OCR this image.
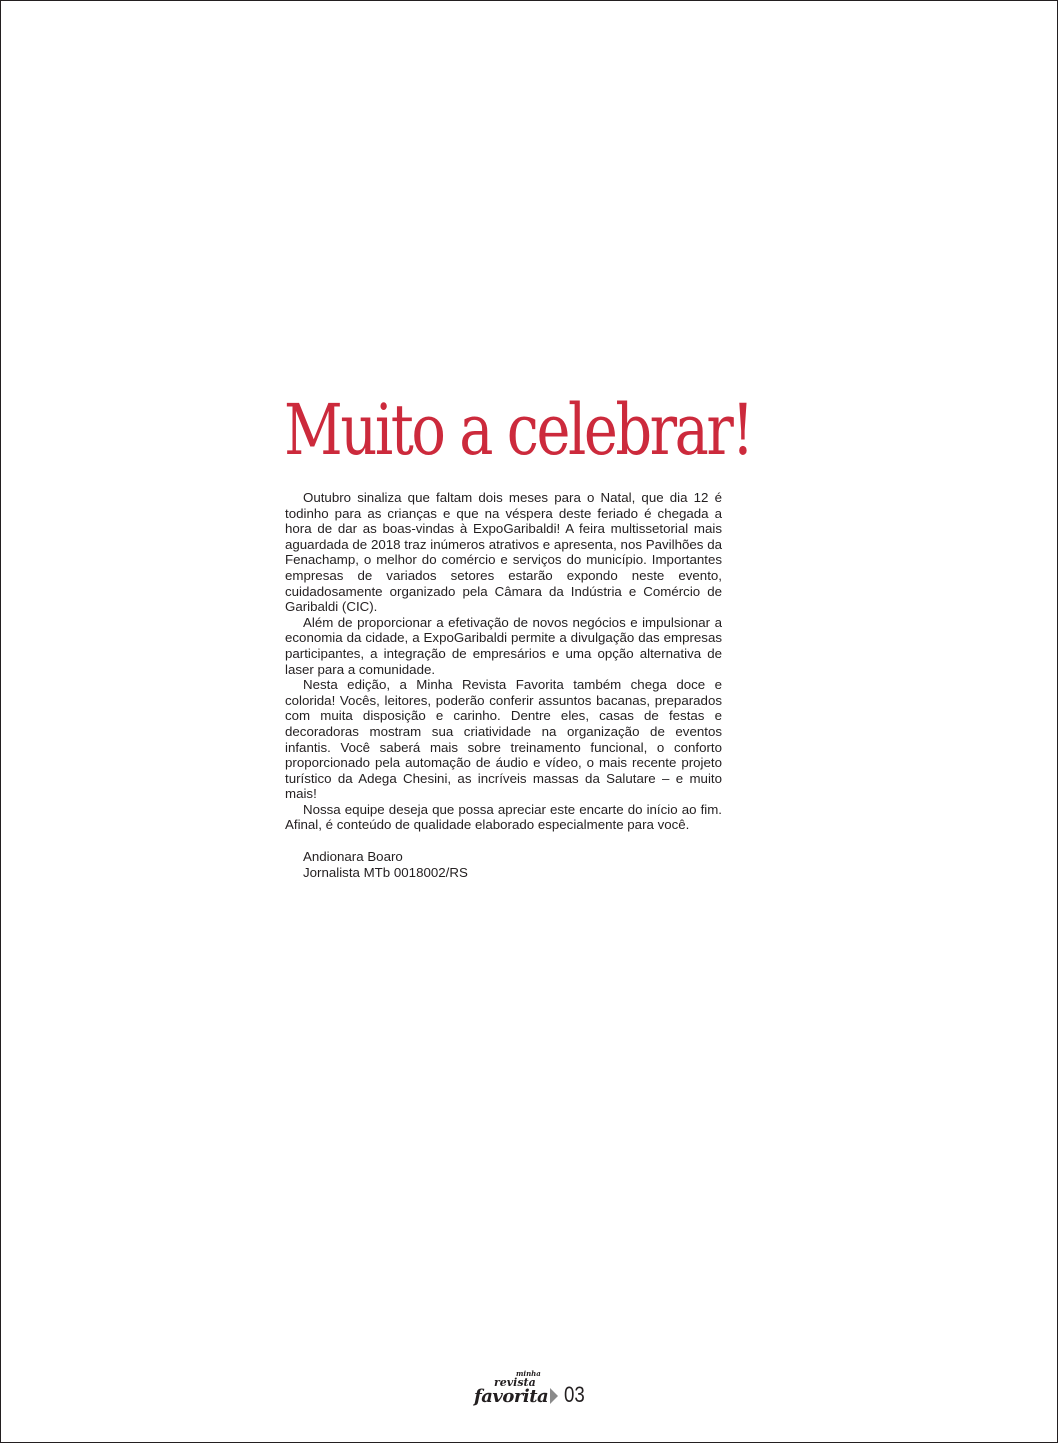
Muito a celebrar!

Outubro sinaliza que faltam dois meses para o Natal, que dia 12 é todinho para as crianças e que na véspera deste feriado é chegada a hora de dar as boas-vindas à ExpoGaribaldi! A feira multissetorial mais aguardada de 2018 traz inúmeros atrativos e apresenta, nos Pavilhões da Fenachamp, o melhor do comércio e serviços do município. Importantes empresas de variados setores estarão expondo neste evento, cuidadosamente organizado pela Câmara da Indústria e Comércio de Garibaldi (CIC).

Além de proporcionar a efetivação de novos negócios e impulsionar a economia da cidade, a ExpoGaribaldi permite a divulgação das empresas participantes, a integração de empresários e uma opção alternativa de laser para a comunidade.

Nesta edição, a Minha Revista Favorita também chega doce e colorida! Vocês, leitores, poderão conferir assuntos bacanas, preparados com muita disposição e carinho. Dentre eles, casas de festas e decoradoras mostram sua criatividade na organização de eventos infantis. Você saberá mais sobre treinamento funcional, o conforto proporcionado pela automação de áudio e vídeo, o mais recente projeto turístico da Adega Chesini, as incríveis massas da Salutare – e muito mais!

Nossa equipe deseja que possa apreciar este encarte do início ao fim. Afinal, é conteúdo de qualidade elaborado especialmente para você.

Andionara Boaro
Jornalista MTb 0018002/RS
minha
revista
favorita 03
